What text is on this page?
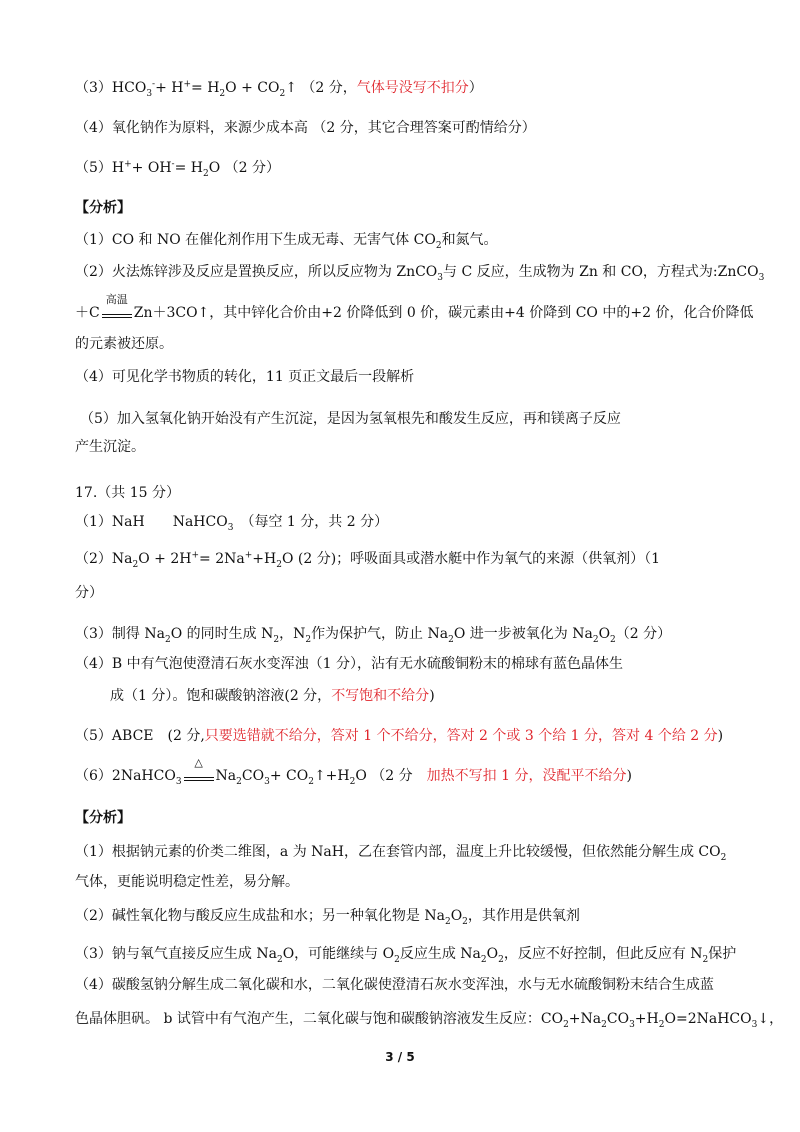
$(3)HCO_3^-+ H^+= H_2O$ + $CO_2↑$ （2 分，气体号没写不扣分）
（4）氧化钠作为原料，来源少成本高 （2 分，其它合理答案可酌情给分）
$(5)H^++ OH^-= H_2O$ （2 分）
【分析】
（1）CO 和 NO 在催化剂作用下生成无毒、无害气体 $CO_2$和氮气。
（2）火法炼锌涉及反应是置换反应，所以反应物为 ZnCO$_3$与 C 反应，生成物为 Zn 和 CO，方程式为:ZnCO$_3$
＋C
高温
Zn＋3CO↑，其中锌化合价由+2 价降低到 0 价，碳元素由+4 价降到 CO 中的+2 价，化合价降低
的元素被还原。
（4）可见化学书物质的转化，11 页正文最后一段解析
（5）加入氢氧化钠开始没有产生沉淀，是因为氢氧根先和酸发生反应，再和镁离子反应
产生沉淀。
17.（共 15 分）
（1）NaH　　NaHCO$_3$　（每空 1 分，共 2 分）
$(2)Na_2O + 2H^+= 2Na^++H_2O$ (2 分)；呼吸面具或潜水艇中作为氧气的来源（供氧剂）（1
分）
（3）制得 $Na_2O$ 的同时生成 $N_2$，$N_2$作为保护气，防止 $Na_2O$ 进一步被氧化为 $Na_2O_2(2$ 分）
（4）B 中有气泡使澄清石灰水变浑浊（1 分），沾有无水硫酸铜粉末的棉球有蓝色晶体生
成（1 分）。饱和碳酸钠溶液(2 分，不写饱和不给分)
（5）ABCE　(2 分,只要选错就不给分，答对 1 个不给分，答对 2 个或 3 个给 1 分，答对 4 个给 2 分)
（6）2NaHCO$_3$
△
$Na_2CO_3+$ $CO_2↑+H_2O$ （2 分　 加热不写扣 1 分，没配平不给分)
【分析】
（1）根据钠元素的价类二维图，a 为 NaH，乙在套管内部，温度上升比较缓慢，但依然能分解生成 $CO_2$
气体，更能说明稳定性差，易分解。
（2）碱性氧化物与酸反应生成盐和水；另一种氧化物是 $Na_2O_2$，其作用是供氧剂
（3）钠与氧气直接反应生成 $Na_2O$，可能继续与 $O_2$反应生成 $Na_2O_2$，反应不好控制，但此反应有 $N_2$保护
（4）碳酸氢钠分解生成二氧化碳和水，二氧化碳使澄清石灰水变浑浊，水与无水硫酸铜粉末结合生成蓝
色晶体胆矾。 b 试管中有气泡产生，二氧化碳与饱和碳酸钠溶液发生反应：$CO_2+Na_2CO_3+H_2O=2NaHCO_3↓$，
3 / 5
